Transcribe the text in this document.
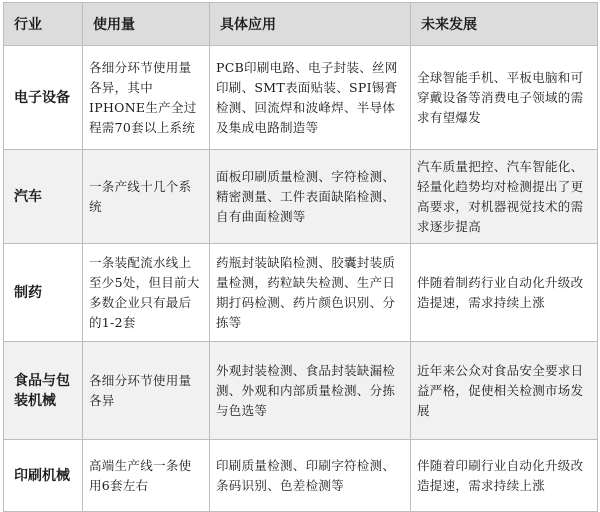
行业	使用量	具体应用	未来发展
电子设备	各细分环节使用量各异，其中IPHONE生产全过程需70套以上系统	PCB印刷电路、电子封装、丝网印刷、SMT表面贴装、SPI锡膏检测、回流焊和波峰焊、半导体及集成电路制造等	全球智能手机、平板电脑和可穿戴设备等消费电子领域的需求有望爆发
汽车	一条产线十几个系统	面板印刷质量检测、字符检测、精密测量、工件表面缺陷检测、自有曲面检测等	汽车质量把控、汽车智能化、轻量化趋势均对检测提出了更高要求，对机器视觉技术的需求逐步提高
制药	一条装配流水线上至少5处，但目前大多数企业只有最后的1-2套	药瓶封装缺陷检测、胶囊封装质量检测，药粒缺失检测、生产日期打码检测、药片颜色识别、分拣等	伴随着制药行业自动化升级改造提速，需求持续上涨
食品与包装机械	各细分环节使用量各异	外观封装检测、食品封装缺漏检测、外观和内部质量检测、分拣与色选等	近年来公众对食品安全要求日益严格，促使相关检测市场发展
印刷机械	高端生产线一条使用6套左右	印刷质量检测、印刷字符检测、条码识别、色差检测等	伴随着印刷行业自动化升级改造提速，需求持续上涨
